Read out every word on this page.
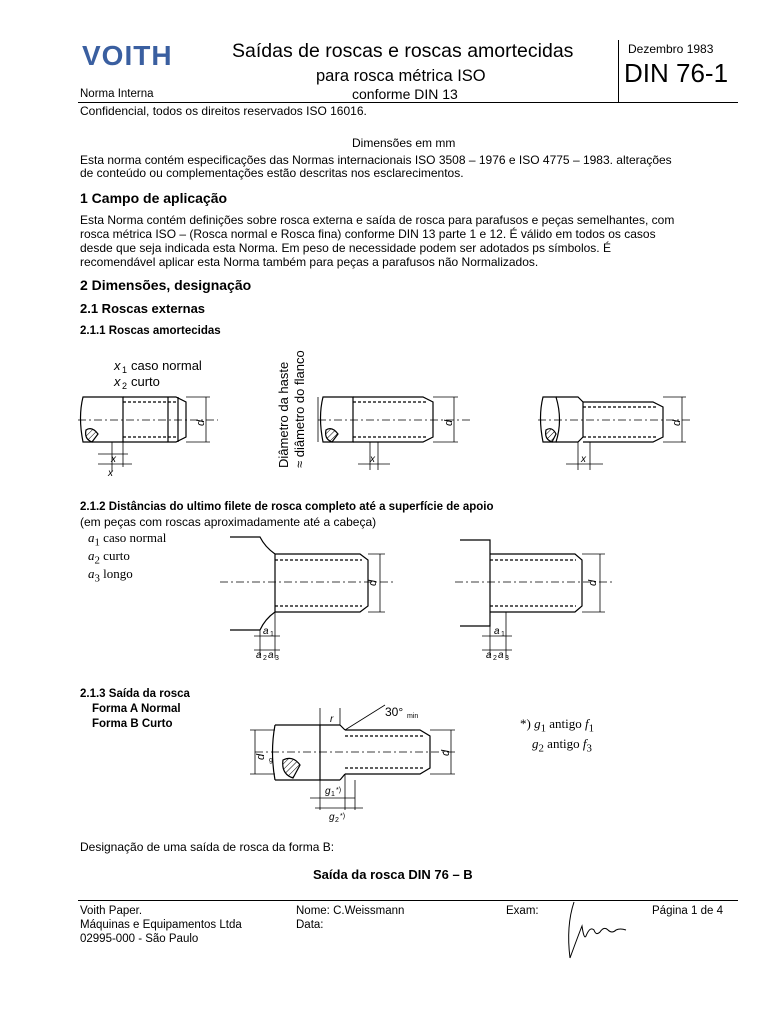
VOITH	Saídas de roscas e roscas amortecidas
para rosca métrica ISO
conforme DIN 13
Dezembro 1983
DIN 76-1
Norma Interna
Confidencial, todos os direitos reservados ISO 16016.
Dimensões em mm
Esta norma contém especificações das Normas internacionais ISO 3508 – 1976 e ISO 4775 – 1983. alterações
de conteúdo ou complementações estão descritas nos esclarecimentos.
1 Campo de aplicação
Esta Norma contém definições sobre rosca externa e saída de rosca para parafusos e peças semelhantes, com
rosca métrica ISO – (Rosca normal e Rosca fina) conforme DIN 13 parte 1 e 12. É válido em todos os casos
desde que seja indicada esta Norma. Em peso de necessidade podem ser adotados ps símbolos. É
recomendável aplicar esta Norma também para peças a parafusos não Normalizados.
2 Dimensões, designação
2.1 Roscas externas
2.1.1 Roscas amortecidas
x 1 caso normal
x 2 curto	Diâmetro da haste ≈ diâmetro do flanco
d	d	d
x
x
x	x
2.1.2 Distâncias do ultimo filete de rosca completo até a superfície de apoio
(em peças com roscas aproximadamente até a cabeça)
$a_1$ caso normal
$a_2$ curto
$a_3$ longo
d	d
a 1
a 2 a 3
a 1
a 2 a 3
2.1.3 Saída da rosca
Forma A Normal
Forma B Curto
30° min
r
d
g
d
g 1
*)
g 2
*)
*) $g_1$ antigo $f_1$
$g_2$ antigo $f_3$
Designação de uma saída de rosca da forma B:
Saída da rosca DIN 76 – B
Voith Paper.
Máquinas e Equipamentos Ltda
02995-000 - São Paulo
Nome: C.Weissmann
Data:
Exam:	Página 1 de 4
